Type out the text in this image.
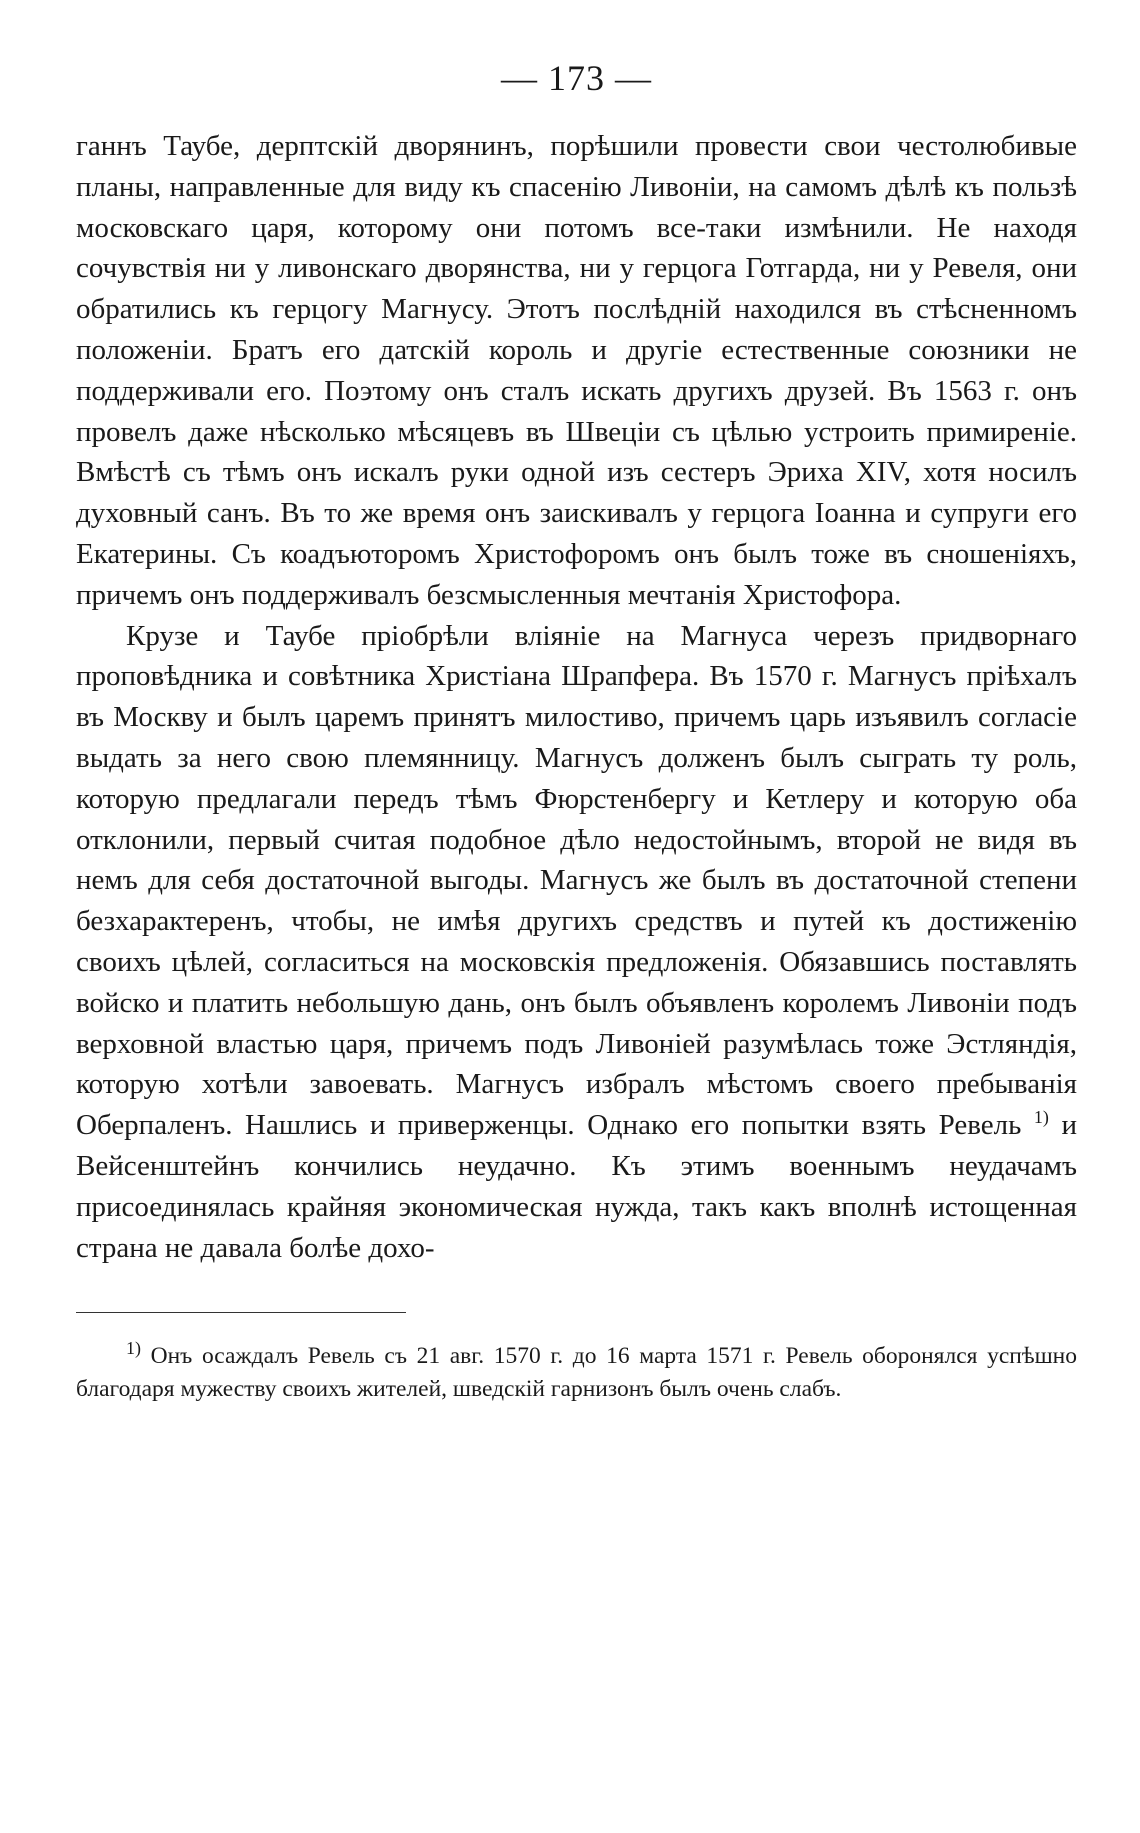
— 173 —

ганнъ Таубе, дерптскій дворянинъ, порѣшили провести свои честолюбивые планы, направленные для виду къ спасенію Ливоніи, на самомъ дѣлѣ къ пользѣ московскаго царя, которому они потомъ все-таки измѣнили. Не находя сочувствія ни у ливонскаго дворянства, ни у герцога Готгарда, ни у Ревеля, они обратились къ герцогу Магнусу. Этотъ послѣдній находился въ стѣсненномъ положеніи. Братъ его датскій король и другіе естественные союзники не поддерживали его. Поэтому онъ сталъ искать другихъ друзей. Въ 1563 г. онъ провелъ даже нѣсколько мѣсяцевъ въ Швеціи съ цѣлью устроить примиреніе. Вмѣстѣ съ тѣмъ онъ искалъ руки одной изъ сестеръ Эриха XIV, хотя носилъ духовный санъ. Въ то же время онъ заискивалъ у герцога Іоанна и супруги его Екатерины. Съ коадъюторомъ Христофоромъ онъ былъ тоже въ сношеніяхъ, причемъ онъ поддерживалъ безсмысленныя мечтанія Христофора.

Крузе и Таубе пріобрѣли вліяніе на Магнуса черезъ придворнаго проповѣдника и совѣтника Христіана Шрапфера. Въ 1570 г. Магнусъ пріѣхалъ въ Москву и былъ царемъ принятъ милостиво, причемъ царь изъявилъ согласіе выдать за него свою племянницу. Магнусъ долженъ былъ сыграть ту роль, которую предлагали передъ тѣмъ Фюрстенбергу и Кетлеру и которую оба отклонили, первый считая подобное дѣло недостойнымъ, второй не видя въ немъ для себя достаточной выгоды. Магнусъ же былъ въ достаточной степени безхарактеренъ, чтобы, не имѣя другихъ средствъ и путей къ достиженію своихъ цѣлей, согласиться на московскія предложенія. Обязавшись поставлять войско и платить небольшую дань, онъ былъ объявленъ королемъ Ливоніи подъ верховной властью царя, причемъ подъ Ливоніей разумѣлась тоже Эстляндія, которую хотѣли завоевать. Магнусъ избралъ мѣстомъ своего пребыванія Оберпаленъ. Нашлись и приверженцы. Однако его попытки взять Ревель 1) и Вейсенштейнъ кончились неудачно. Къ этимъ военнымъ неудачамъ присоединялась крайняя экономическая нужда, такъ какъ вполнѣ истощенная страна не давала болѣе дохо-

1) Онъ осаждалъ Ревель съ 21 авг. 1570 г. до 16 марта 1571 г. Ревель оборонялся успѣшно благодаря мужеству своихъ жителей, шведскій гарнизонъ былъ очень слабъ.
